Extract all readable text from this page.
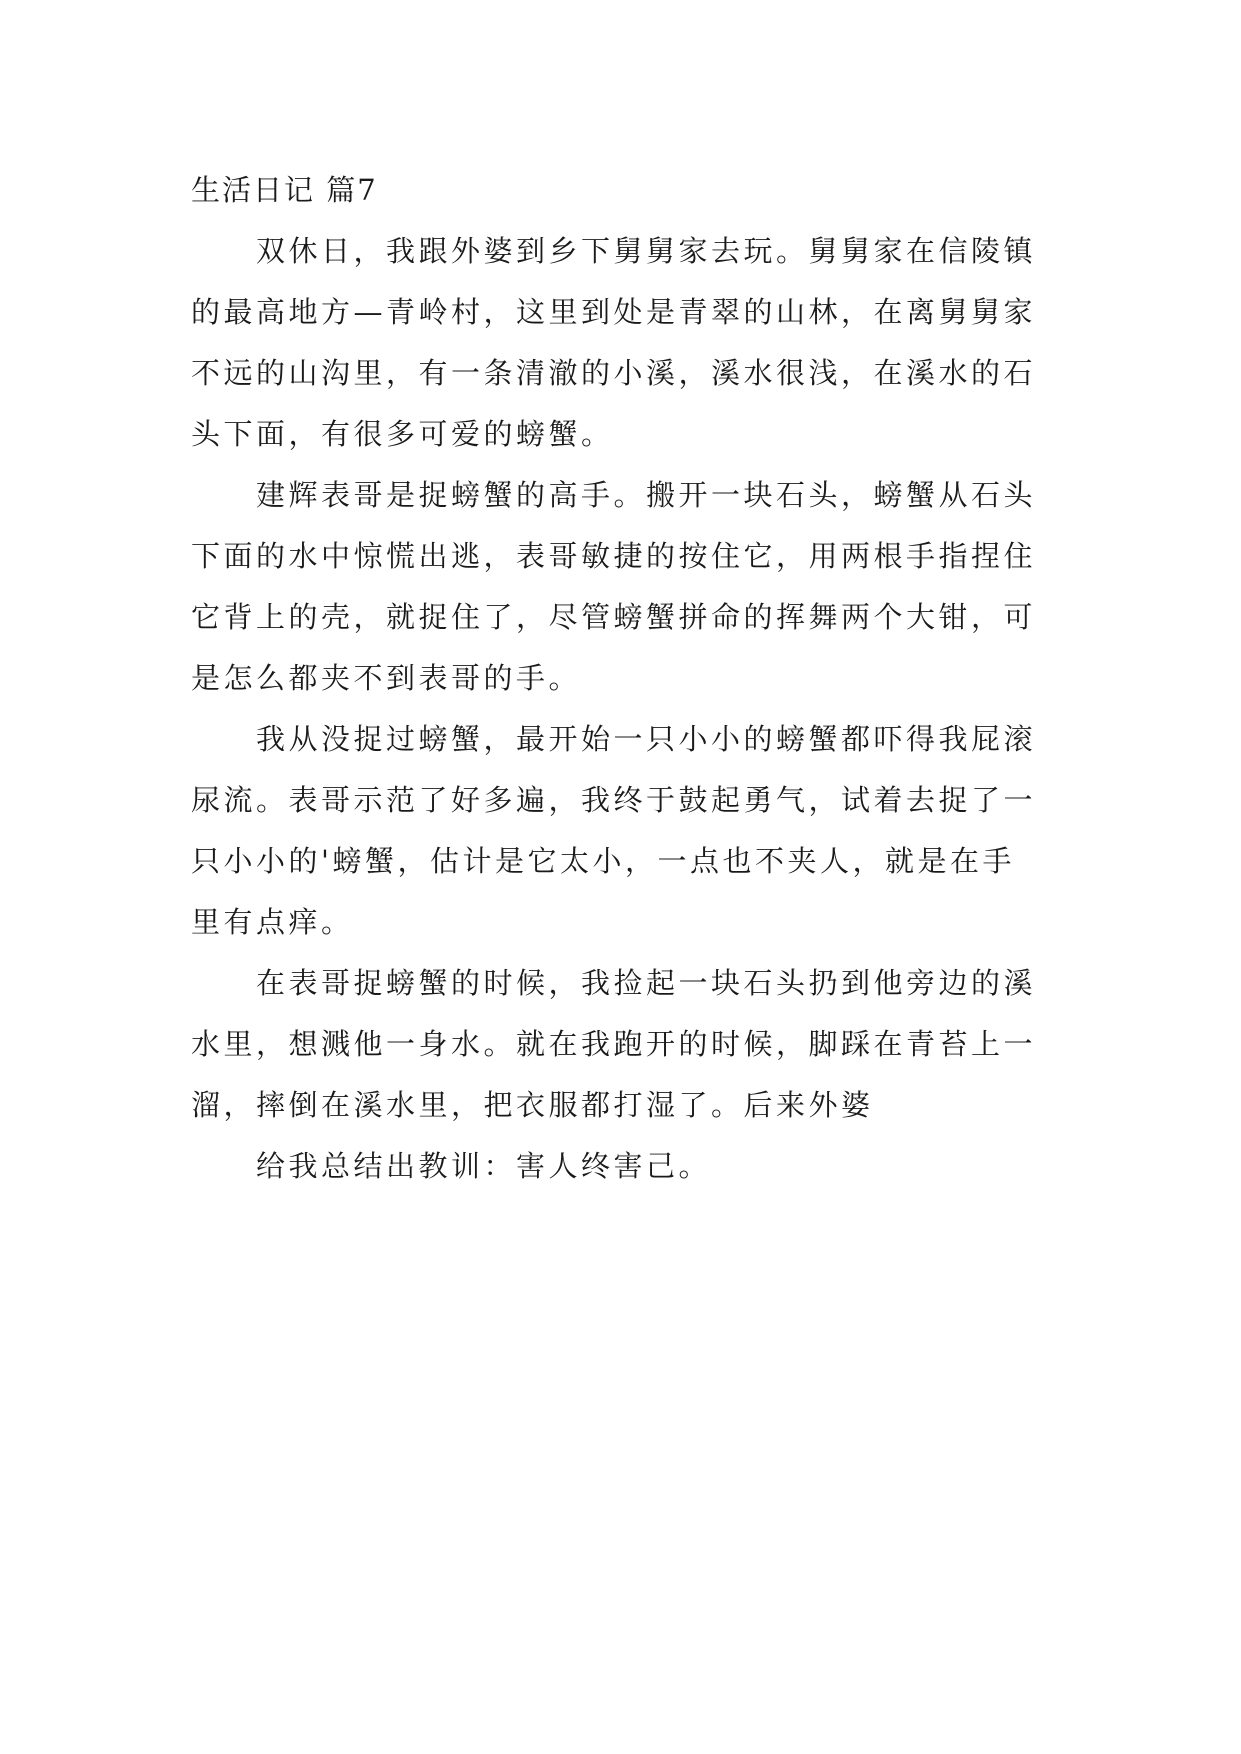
生活日记 篇7
　　双休日，我跟外婆到乡下舅舅家去玩。舅舅家在信陵镇
的最高地方—青岭村，这里到处是青翠的山林，在离舅舅家
不远的山沟里，有一条清澈的小溪，溪水很浅，在溪水的石
头下面，有很多可爱的螃蟹。
　　建辉表哥是捉螃蟹的高手。搬开一块石头，螃蟹从石头
下面的水中惊慌出逃，表哥敏捷的按住它，用两根手指捏住
它背上的壳，就捉住了，尽管螃蟹拼命的挥舞两个大钳，可
是怎么都夹不到表哥的手。
　　我从没捉过螃蟹，最开始一只小小的螃蟹都吓得我屁滚
尿流。表哥示范了好多遍，我终于鼓起勇气，试着去捉了一
只小小的'螃蟹，估计是它太小，一点也不夹人，就是在手
里有点痒。
　　在表哥捉螃蟹的时候，我捡起一块石头扔到他旁边的溪
水里，想溅他一身水。就在我跑开的时候，脚踩在青苔上一
溜，摔倒在溪水里，把衣服都打湿了。后来外婆
　　给我总结出教训：害人终害己。
